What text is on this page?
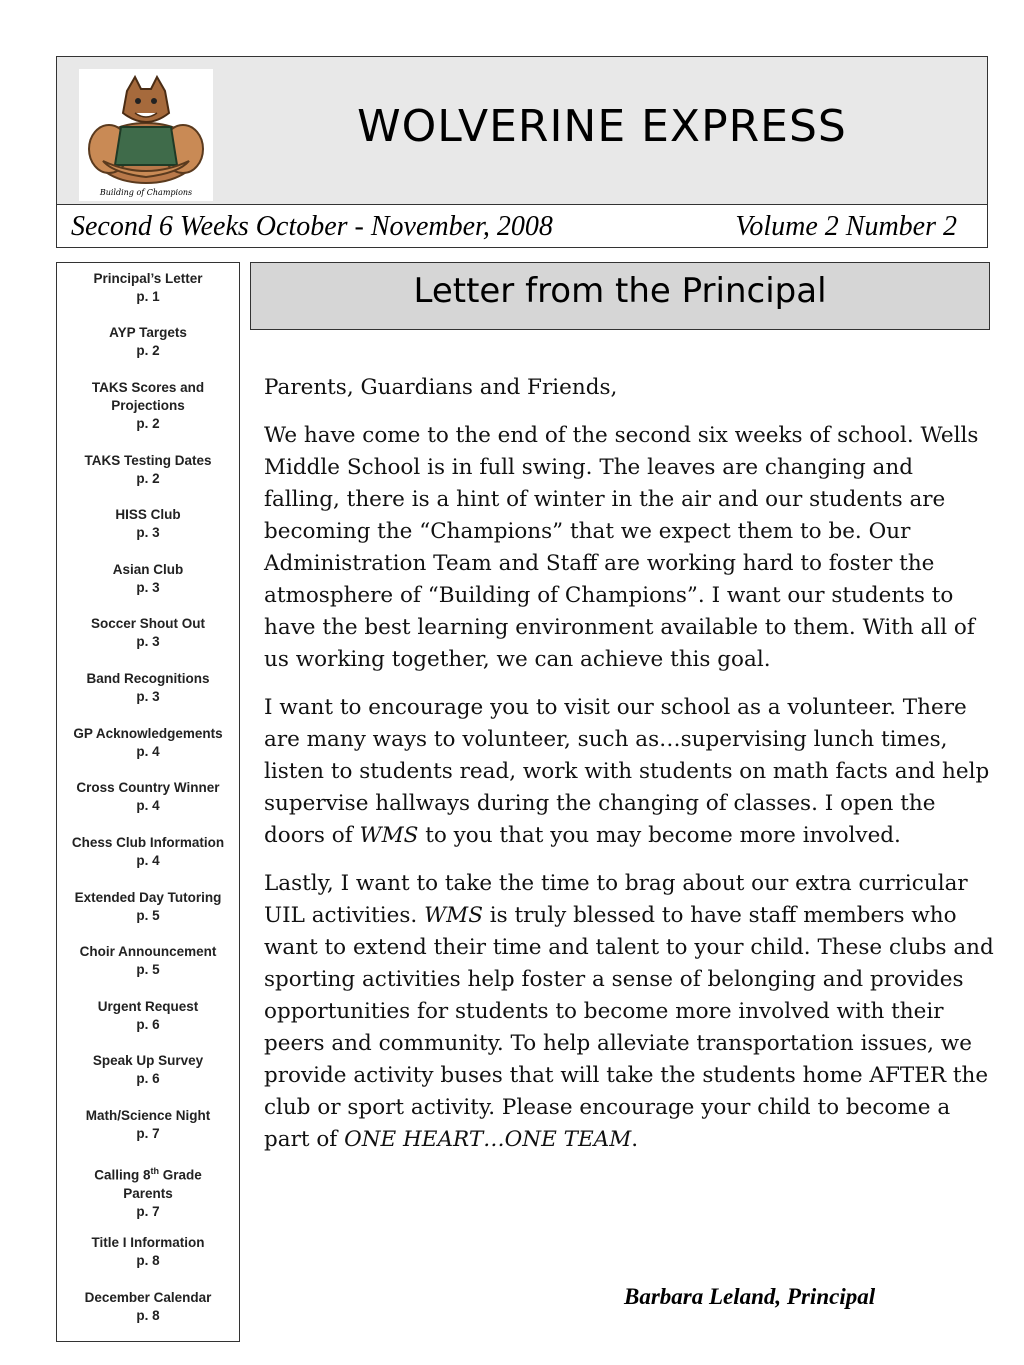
Building of Champions
WOLVERINE EXPRESS
Second 6 Weeks October - November, 2008	Volume 2 Number 2
Principal’s Letter
p. 1
AYP Targets
p. 2
TAKS Scores and Projections
p. 2
TAKS Testing Dates
p. 2
HISS Club
p. 3
Asian Club
p. 3
Soccer Shout Out
p. 3
Band Recognitions
p. 3
GP Acknowledgements
p. 4
Cross Country Winner
p. 4
Chess Club Information
p. 4
Extended Day Tutoring
p. 5
Choir Announcement
p. 5
Urgent Request
p. 6
Speak Up Survey
p. 6
Math/Science Night
p. 7
Calling 8th Grade Parents
p. 7
Title I Information
p. 8
December Calendar
p. 8
Letter from the Principal

Parents, Guardians and Friends,

We have come to the end of the second six weeks of school. Wells Middle School is in full swing. The leaves are changing and falling, there is a hint of winter in the air and our students are becoming the “Champions” that we expect them to be. Our Administration Team and Staff are working hard to foster the atmosphere of “Building of Champions”. I want our students to have the best learning environment available to them. With all of us working together, we can achieve this goal.

I want to encourage you to visit our school as a volunteer. There are many ways to volunteer, such as…supervising lunch times, listen to students read, work with students on math facts and help supervise hallways during the changing of classes. I open the doors of WMS to you that you may become more involved.

Lastly, I want to take the time to brag about our extra curricular UIL activities. WMS is truly blessed to have staff members who want to extend their time and talent to your child. These clubs and sporting activities help foster a sense of belonging and provides opportunities for students to become more involved with their peers and community. To help alleviate transportation issues, we provide activity buses that will take the students home AFTER the club or sport activity. Please encourage your child to become a part of ONE HEART…ONE TEAM.

Barbara Leland, Principal
